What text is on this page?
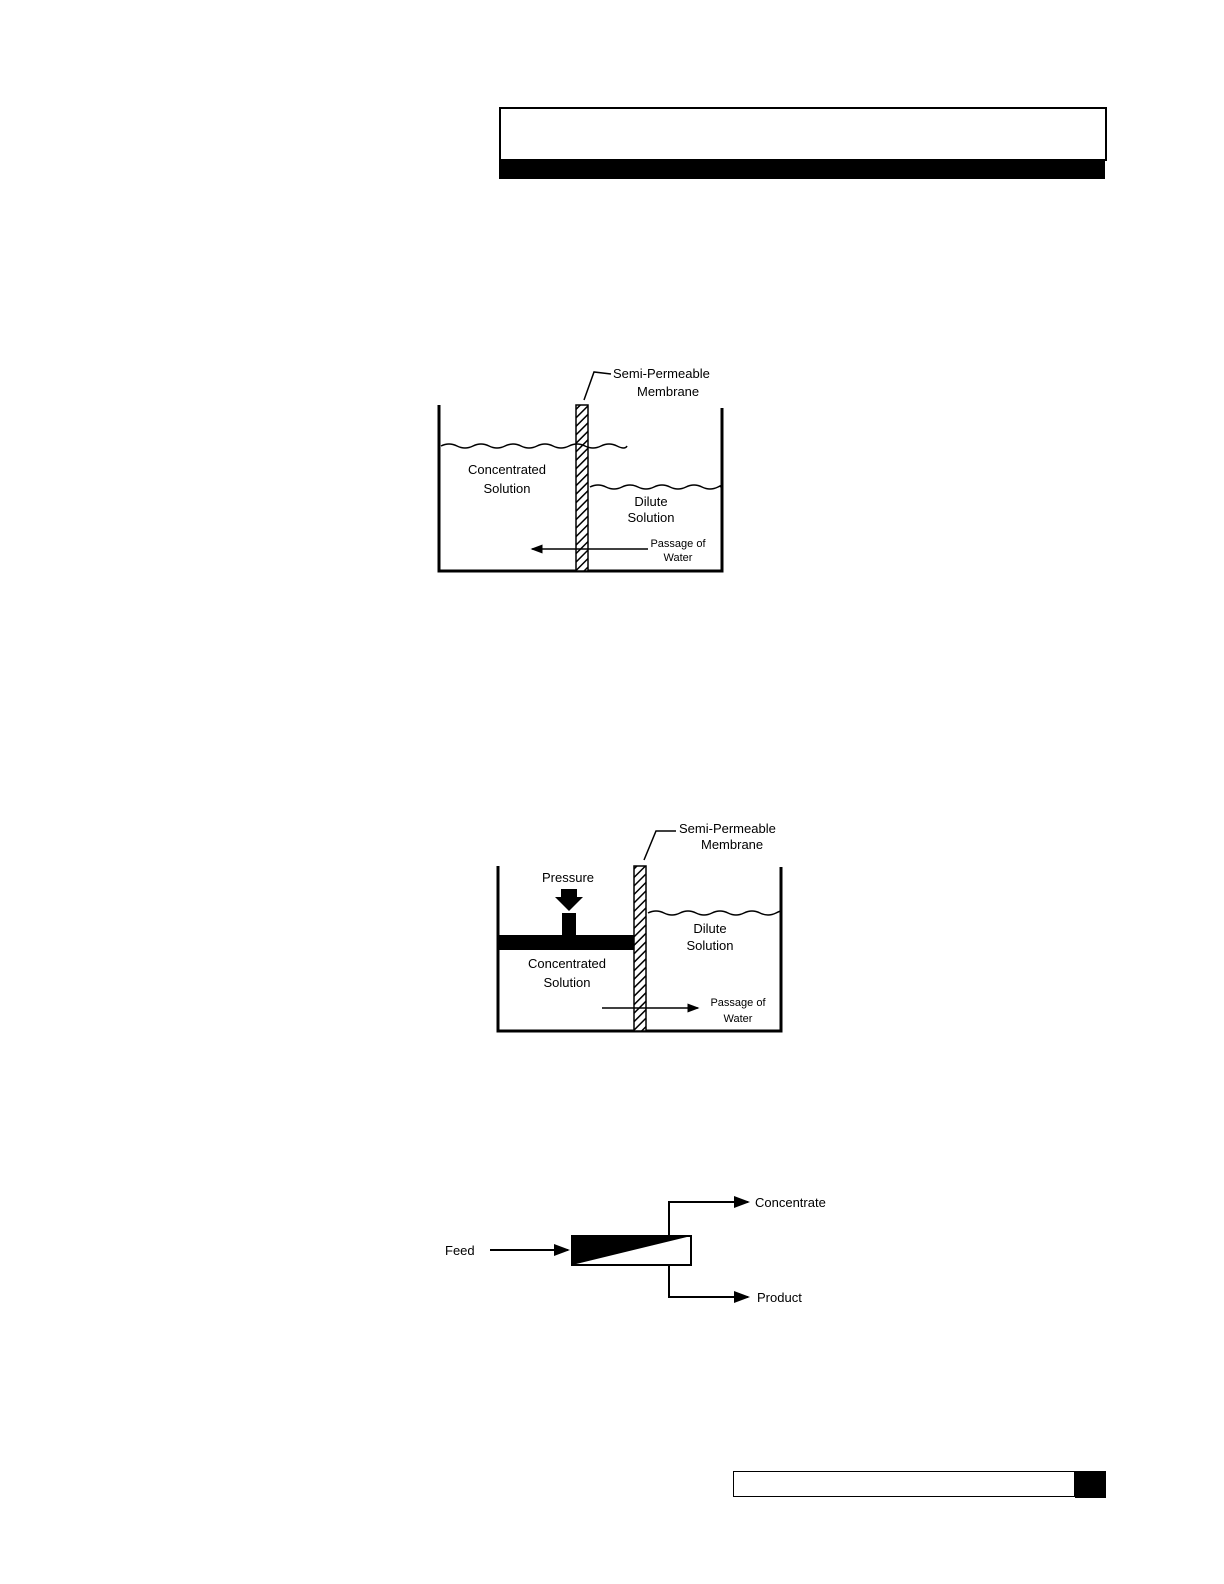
Semi-Permeable
Membrane
Concentrated
Solution
Dilute
Solution
Passage of
Water
Semi-Permeable
Membrane
Pressure
Concentrated
Solution
Dilute
Solution
Passage of
Water
Feed
Concentrate
Product
